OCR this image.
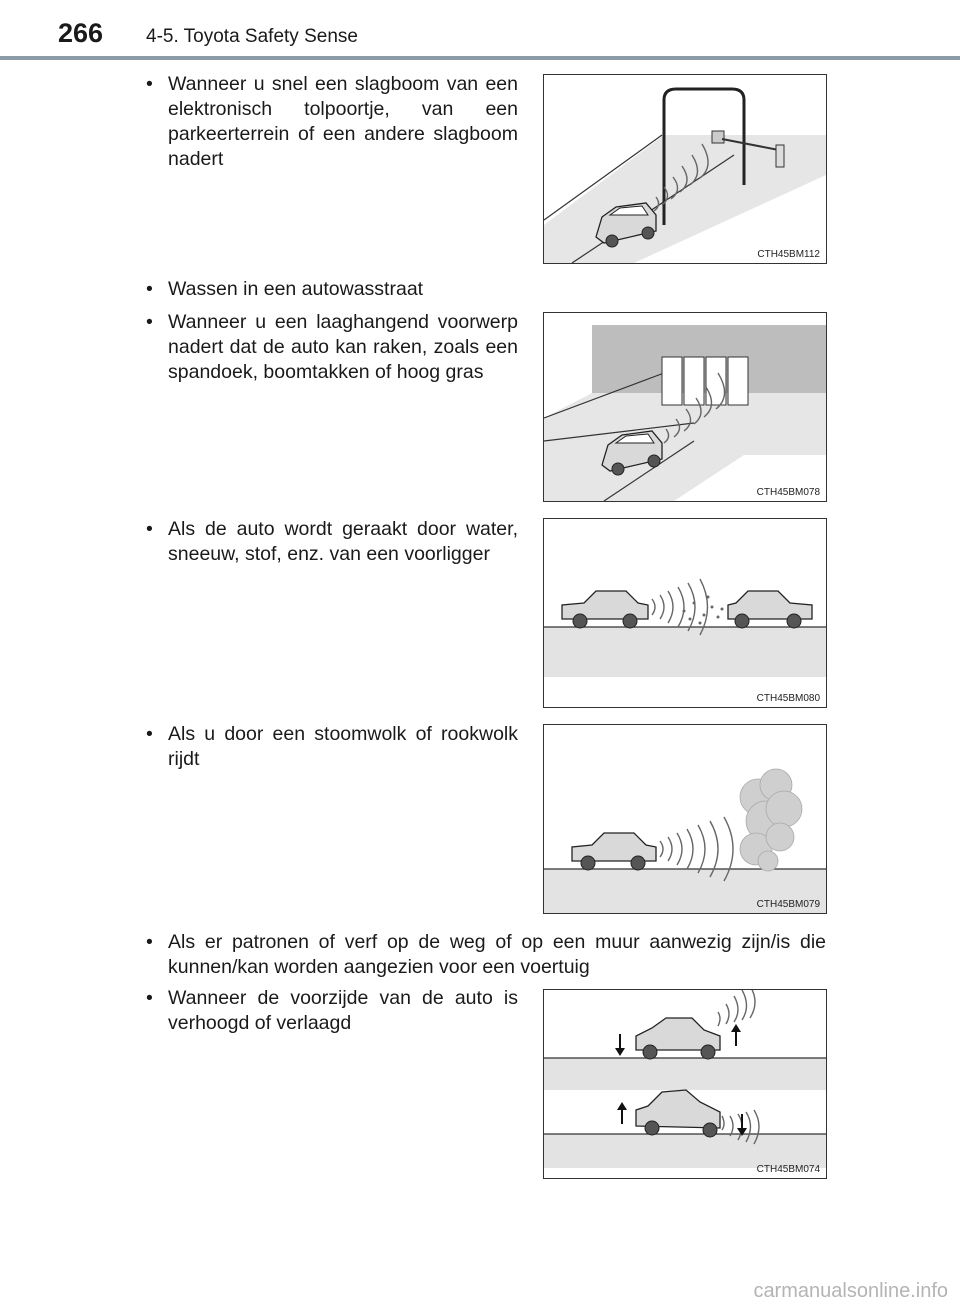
266 4-5. Toyota Safety Sense
• Wanneer u snel een slagboom van een elektronisch tolpoortje, van een parkeerterrein of een andere slagboom nadert
CTH45BM112
• Wassen in een autowasstraat
• Wanneer u een laaghangend voorwerp nadert dat de auto kan raken, zoals een spandoek, boomtakken of hoog gras
CTH45BM078
• Als de auto wordt geraakt door water, sneeuw, stof, enz. van een voorligger
CTH45BM080
• Als u door een stoomwolk of rookwolk rijdt
CTH45BM079
• Als er patronen of verf op de weg of op een muur aanwezig zijn/is die kunnen/kan worden aangezien voor een voertuig
• Wanneer de voorzijde van de auto is verhoogd of verlaagd
CTH45BM074
carmanualsonline.info
